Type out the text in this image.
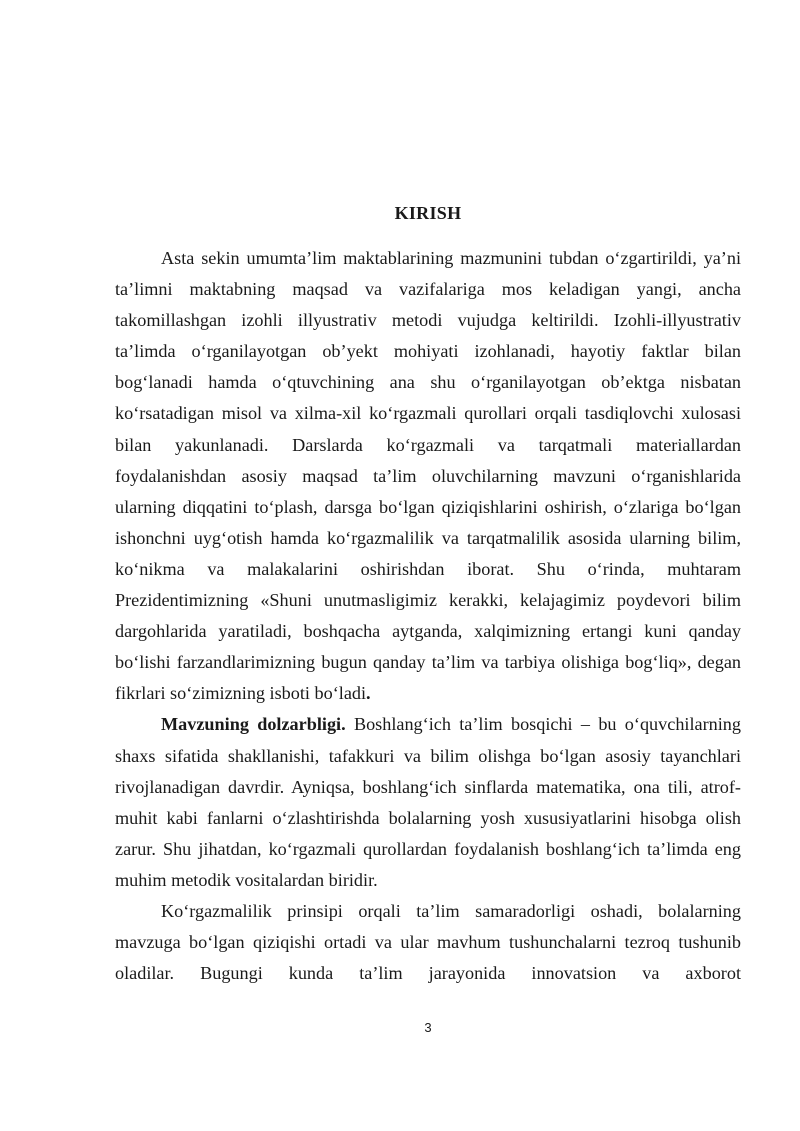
KIRISH

Asta sekin umumta’lim maktablarining mazmunini tubdan o‘zgartirildi, ya’ni ta’limni maktabning maqsad va vazifalariga mos keladigan yangi, ancha takomillashgan izohli illyustrativ metodi vujudga keltirildi. Izohli-illyustrativ ta’limda o‘rganilayotgan ob’yekt mohiyati izohlanadi, hayotiy faktlar bilan bog‘lanadi hamda o‘qtuvchining ana shu o‘rganilayotgan ob’ektga nisbatan ko‘rsatadigan misol va xilma-xil ko‘rgazmali qurollari orqali tasdiqlovchi xulosasi bilan yakunlanadi. Darslarda ko‘rgazmali va tarqatmali materiallardan foydalanishdan asosiy maqsad ta’lim oluvchilarning mavzuni o‘rganishlarida ularning diqqatini to‘plash, darsga bo‘lgan qiziqishlarini oshirish, o‘zlariga bo‘lgan ishonchni uyg‘otish hamda ko‘rgazmalilik va tarqatmalilik asosida ularning bilim, ko‘nikma va malakalarini oshirishdan iborat. Shu o‘rinda, muhtaram Prezidentimizning «Shuni unutmasligimiz kerakki, kelajagimiz poydevori bilim dargohlarida yaratiladi, boshqacha aytganda, xalqimizning ertangi kuni qanday bo‘lishi farzandlarimizning bugun qanday ta’lim va tarbiya olishiga bog‘liq», degan fikrlari so‘zimizning isboti bo‘ladi.

Mavzuning dolzarbligi. Boshlang‘ich ta’lim bosqichi – bu o‘quvchilarning shaxs sifatida shakllanishi, tafakkuri va bilim olishga bo‘lgan asosiy tayanchlari rivojlanadigan davrdir. Ayniqsa, boshlang‘ich sinflarda matematika, ona tili, atrof-muhit kabi fanlarni o‘zlashtirishda bolalarning yosh xususiyatlarini hisobga olish zarur. Shu jihatdan, ko‘rgazmali qurollardan foydalanish boshlang‘ich ta’limda eng muhim metodik vositalardan biridir.

Ko‘rgazmalilik prinsipi orqali ta’lim samaradorligi oshadi, bolalarning mavzuga bo‘lgan qiziqishi ortadi va ular mavhum tushunchalarni tezroq tushunib oladilar. Bugungi kunda ta’lim jarayonida innovatsion va axborot

3
